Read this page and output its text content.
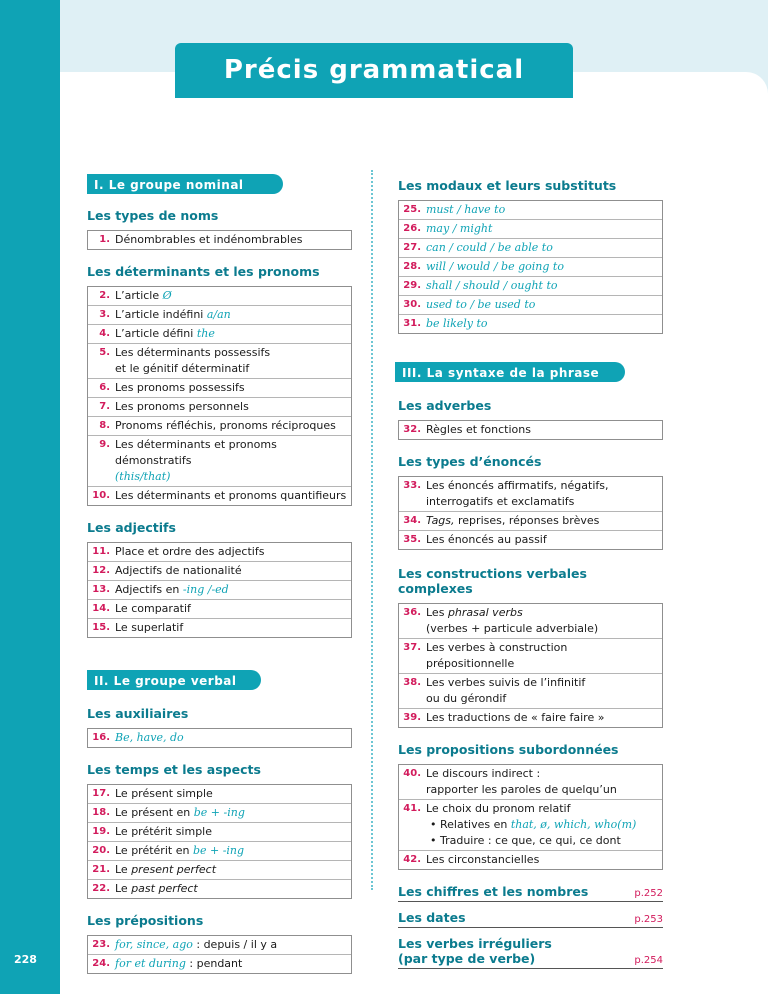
228
Précis grammatical
I. Le groupe nominal
Les types de noms
1. Dénombrables et indénombrables
Les déterminants et les pronoms
2. L’article Ø
3. L’article indéfini a/an
4. L’article défini the
5. Les déterminants possessifs
et le génitif déterminatif
6. Les pronoms possessifs
7. Les pronoms personnels
8. Pronoms réfléchis, pronoms réciproques
9. Les déterminants et pronoms démonstratifs
(this/that)
10. Les déterminants et pronoms quantifieurs
Les adjectifs
11. Place et ordre des adjectifs
12. Adjectifs de nationalité
13. Adjectifs en -ing /-ed
14. Le comparatif
15. Le superlatif
II. Le groupe verbal
Les auxiliaires
16. Be, have, do
Les temps et les aspects
17. Le présent simple
18. Le présent en be + -ing
19. Le prétérit simple
20. Le prétérit en be + -ing
21. Le present perfect
22. Le past perfect
Les prépositions
23. for, since, ago : depuis / il y a
24. for et during : pendant
Les modaux et leurs substituts
25. must / have to
26. may / might
27. can / could / be able to
28. will / would / be going to
29. shall / should / ought to
30. used to / be used to
31. be likely to
III. La syntaxe de la phrase
Les adverbes
32. Règles et fonctions
Les types d’énoncés
33. Les énoncés affirmatifs, négatifs,
interrogatifs et exclamatifs
34. Tags, reprises, réponses brèves
35. Les énoncés au passif
Les constructions verbales complexes
36. Les phrasal verbs
(verbes + particule adverbiale)
37. Les verbes à construction prépositionnelle
38. Les verbes suivis de l’infinitif
ou du gérondif
39. Les traductions de « faire faire »
Les propositions subordonnées
40. Le discours indirect :
rapporter les paroles de quelqu’un
41. Le choix du pronom relatif
• Relatives en that, ø, which, who(m)
• Traduire : ce que, ce qui, ce dont
42. Les circonstancielles
Les chiffres et les nombres	p.252
Les dates	p.253
Les verbes irréguliers
(par type de verbe)	p.254
